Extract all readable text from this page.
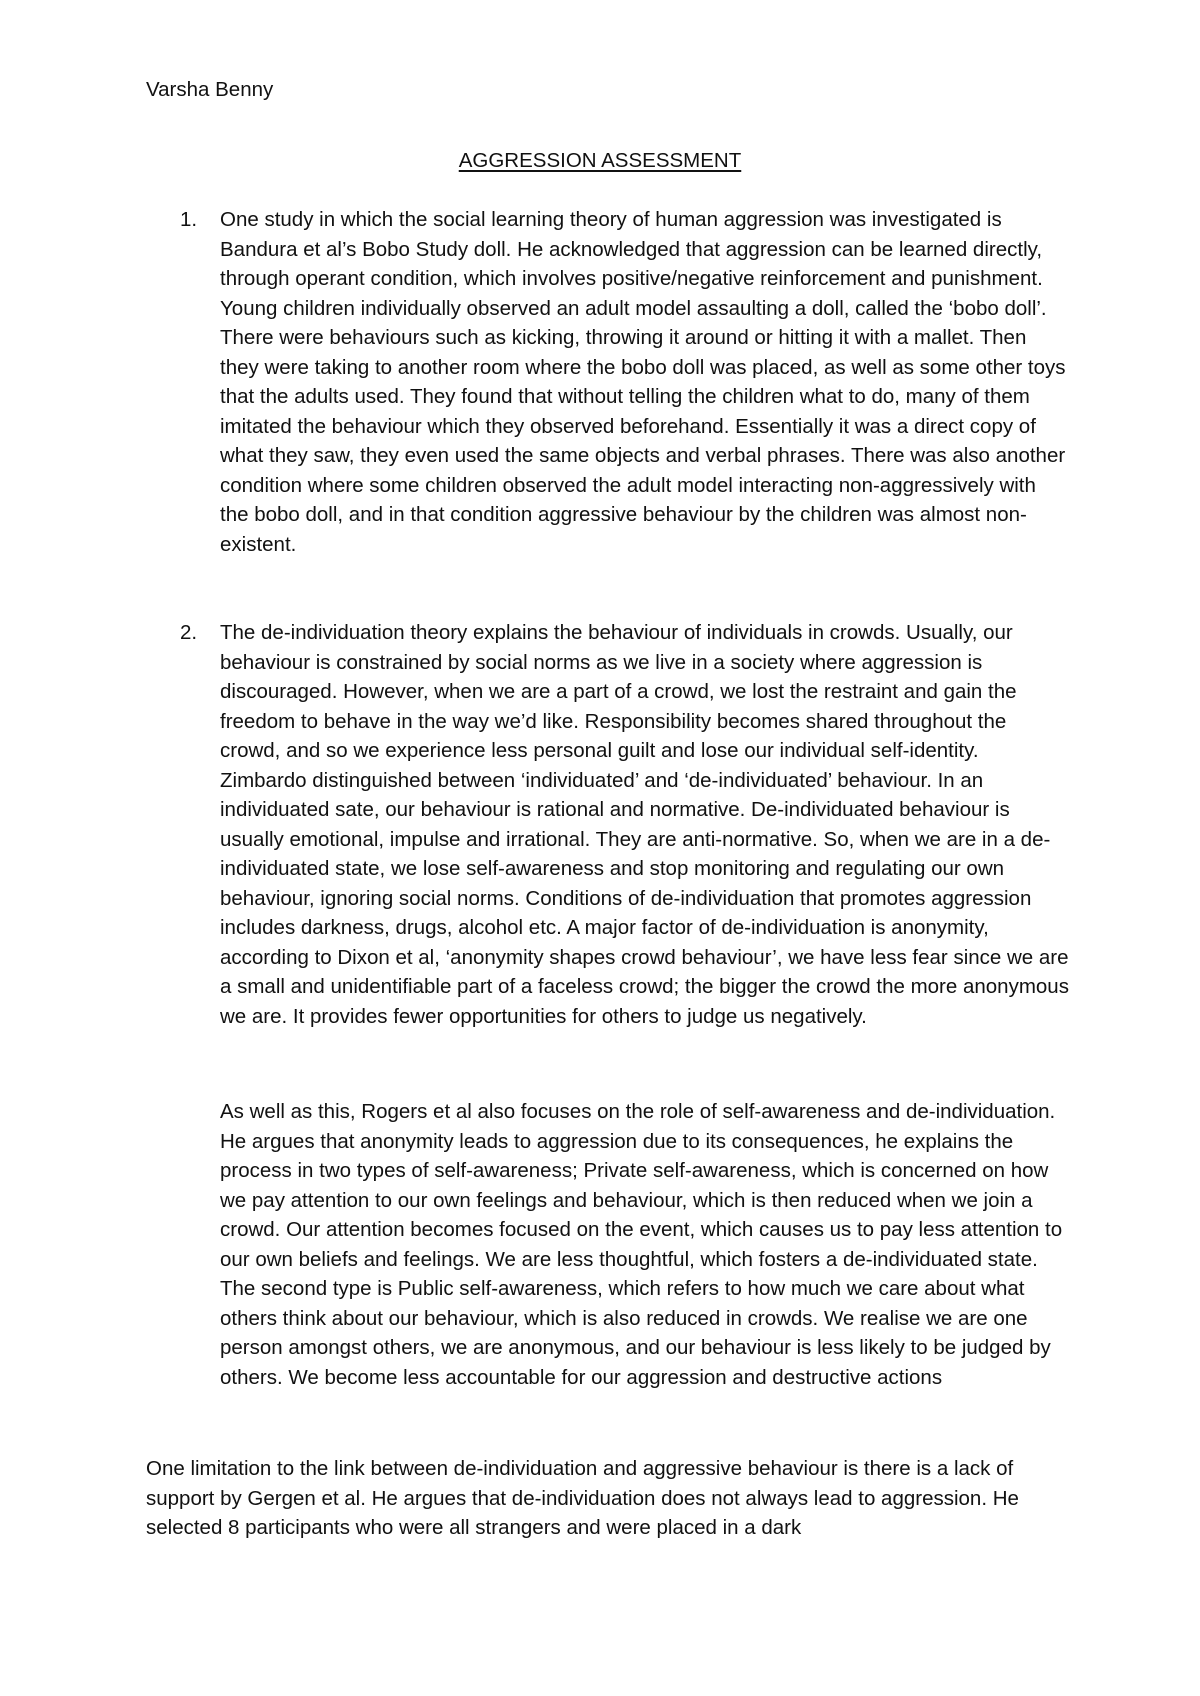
Varsha Benny
AGGRESSION ASSESSMENT
1.	One study in which the social learning theory of human aggression was investigated is Bandura et al’s Bobo Study doll. He acknowledged that aggression can be learned directly, through operant condition, which involves positive/negative reinforcement and punishment. Young children individually observed an adult model assaulting a doll, called the ‘bobo doll’. There were behaviours such as kicking, throwing it around or hitting it with a mallet. Then they were taking to another room where the bobo doll was placed, as well as some other toys that the adults used. They found that without telling the children what to do, many of them imitated the behaviour which they observed beforehand. Essentially it was a direct copy of what they saw, they even used the same objects and verbal phrases. There was also another condition where some children observed the adult model interacting non-aggressively with the bobo doll, and in that condition aggressive behaviour by the children was almost non-existent.
2.	The de-individuation theory explains the behaviour of individuals in crowds. Usually, our behaviour is constrained by social norms as we live in a society where aggression is discouraged. However, when we are a part of a crowd, we lost the restraint and gain the freedom to behave in the way we’d like. Responsibility becomes shared throughout the crowd, and so we experience less personal guilt and lose our individual self-identity. Zimbardo distinguished between ‘individuated’ and ‘de-individuated’ behaviour. In an individuated sate, our behaviour is rational and normative. De-individuated behaviour is usually emotional, impulse and irrational. They are anti-normative. So, when we are in a de-individuated state, we lose self-awareness and stop monitoring and regulating our own behaviour, ignoring social norms. Conditions of de-individuation that promotes aggression includes darkness, drugs, alcohol etc. A major factor of de-individuation is anonymity, according to Dixon et al, ‘anonymity shapes crowd behaviour’, we have less fear since we are a small and unidentifiable part of a faceless crowd; the bigger the crowd the more anonymous we are. It provides fewer opportunities for others to judge us negatively.
As well as this, Rogers et al also focuses on the role of self-awareness and de-individuation. He argues that anonymity leads to aggression due to its consequences, he explains the process in two types of self-awareness; Private self-awareness, which is concerned on how we pay attention to our own feelings and behaviour, which is then reduced when we join a crowd. Our attention becomes focused on the event, which causes us to pay less attention to our own beliefs and feelings. We are less thoughtful, which fosters a de-individuated state. The second type is Public self-awareness, which refers to how much we care about what others think about our behaviour, which is also reduced in crowds. We realise we are one person amongst others, we are anonymous, and our behaviour is less likely to be judged by others. We become less accountable for our aggression and destructive actions
One limitation to the link between de-individuation and aggressive behaviour is there is a lack of support by Gergen et al. He argues that de-individuation does not always lead to aggression. He selected 8 participants who were all strangers and were placed in a dark
